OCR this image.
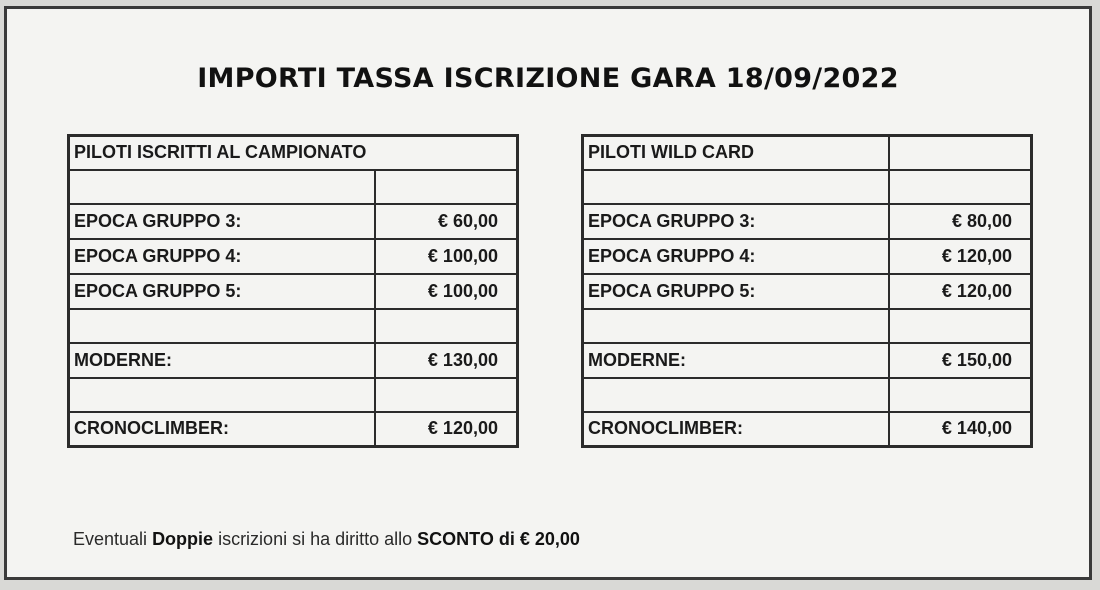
IMPORTI TASSA ISCRIZIONE GARA 18/09/2022
PILOTI ISCRITTI AL CAMPIONATO	

EPOCA GRUPPO 3:	€ 60,00
EPOCA GRUPPO 4:	€ 100,00
EPOCA GRUPPO 5:	€ 100,00

MODERNE:	€ 130,00

CRONOCLIMBER:	€ 120,00
PILOTI WILD CARD	

EPOCA GRUPPO 3:	€ 80,00
EPOCA GRUPPO 4:	€ 120,00
EPOCA GRUPPO 5:	€ 120,00

MODERNE:	€ 150,00

CRONOCLIMBER:	€ 140,00
Eventuali Doppie iscrizioni si ha diritto allo SCONTO di € 20,00
